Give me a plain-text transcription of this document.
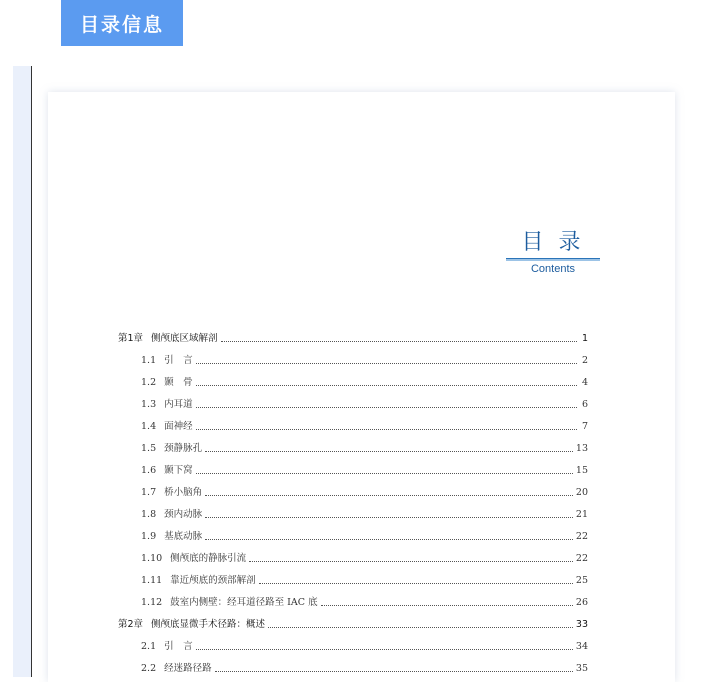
目录信息
目 录
Contents
第1章 侧颅底区域解剖	1
1.1 引　言	2
1.2 颞　骨	4
1.3 内耳道	6
1.4 面神经	7
1.5 颈静脉孔	13
1.6 颞下窝	15
1.7 桥小脑角	20
1.8 颈内动脉	21
1.9 基底动脉	22
1.10 侧颅底的静脉引流	22
1.11 靠近颅底的颈部解剖	25
1.12 鼓室内侧壁：经耳道径路至 IAC 底	26
第2章 侧颅底显微手术径路：概述	33
2.1 引　言	34
2.2 经迷路径路	35
